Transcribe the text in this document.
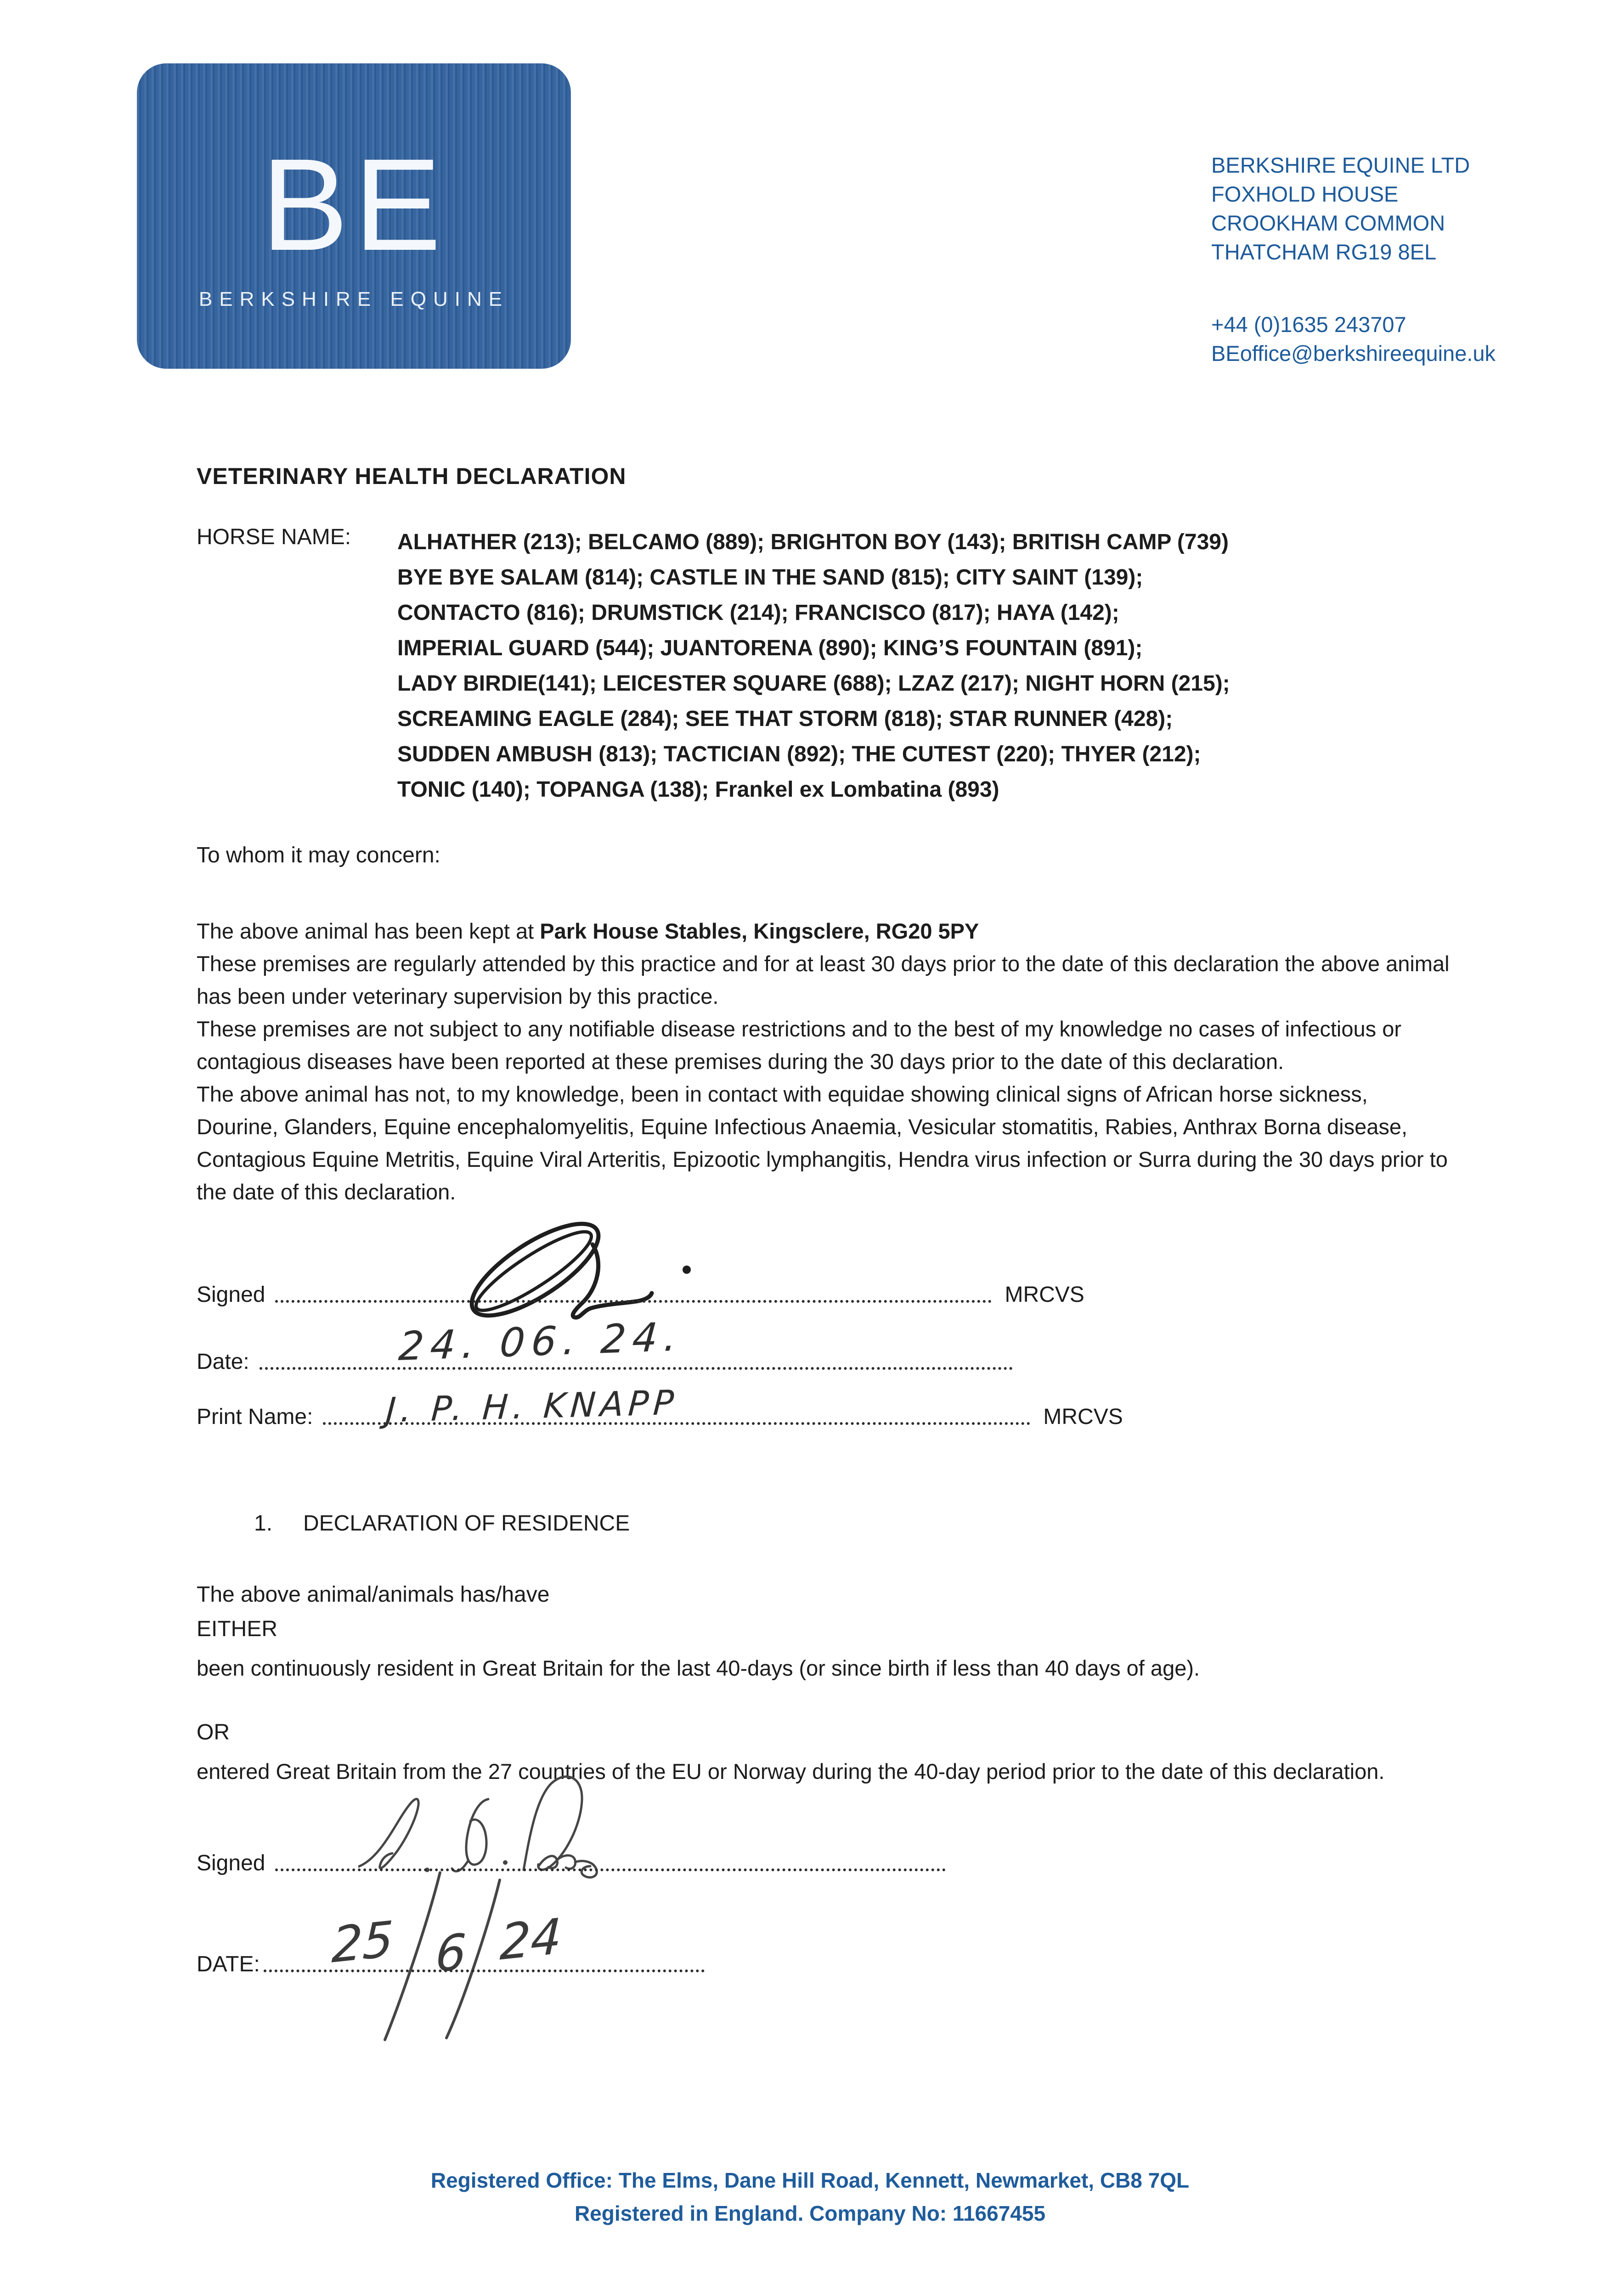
BE
BERKSHIRE EQUINE
BERKSHIRE EQUINE LTD
FOXHOLD HOUSE
CROOKHAM COMMON
THATCHAM RG19 8EL
+44 (0)1635 243707
BEoffice@berkshireequine.uk
VETERINARY HEALTH DECLARATION
HORSE NAME: ALHATHER (213); BELCAMO (889); BRIGHTON BOY (143); BRITISH CAMP (739)
BYE BYE SALAM (814); CASTLE IN THE SAND (815); CITY SAINT (139);
CONTACTO (816); DRUMSTICK (214); FRANCISCO (817); HAYA (142);
IMPERIAL GUARD (544); JUANTORENA (890); KING’S FOUNTAIN (891);
LADY BIRDIE(141); LEICESTER SQUARE (688); LZAZ (217); NIGHT HORN (215);
SCREAMING EAGLE (284); SEE THAT STORM (818); STAR RUNNER (428);
SUDDEN AMBUSH (813); TACTICIAN (892); THE CUTEST (220); THYER (212);
TONIC (140); TOPANGA (138); Frankel ex Lombatina (893)
To whom it may concern:
The above animal has been kept at Park House Stables, Kingsclere, RG20 5PY
These premises are regularly attended by this practice and for at least 30 days prior to the date of this declaration the above animal has been under veterinary supervision by this practice.
These premises are not subject to any notifiable disease restrictions and to the best of my knowledge no cases of infectious or contagious diseases have been reported at these premises during the 30 days prior to the date of this declaration.
The above animal has not, to my knowledge, been in contact with equidae showing clinical signs of African horse sickness, Dourine, Glanders, Equine encephalomyelitis, Equine Infectious Anaemia, Vesicular stomatitis, Rabies, Anthrax Borna disease, Contagious Equine Metritis, Equine Viral Arteritis, Epizootic lymphangitis, Hendra virus infection or Surra during the 30 days prior to the date of this declaration.
Signed	MRCVS
24. 06. 24.
Date:
J. P. H. KNAPP
Print Name:	MRCVS
1. DECLARATION OF RESIDENCE
The above animal/animals has/have
EITHER
been continuously resident in Great Britain for the last 40-days (or since birth if less than 40 days of age).
OR
entered Great Britain from the 27 countries of the EU or Norway during the 40-day period prior to the date of this declaration.
Signed
25 6 24
DATE:
Registered Office: The Elms, Dane Hill Road, Kennett, Newmarket, CB8 7QL
Registered in England. Company No: 11667455
